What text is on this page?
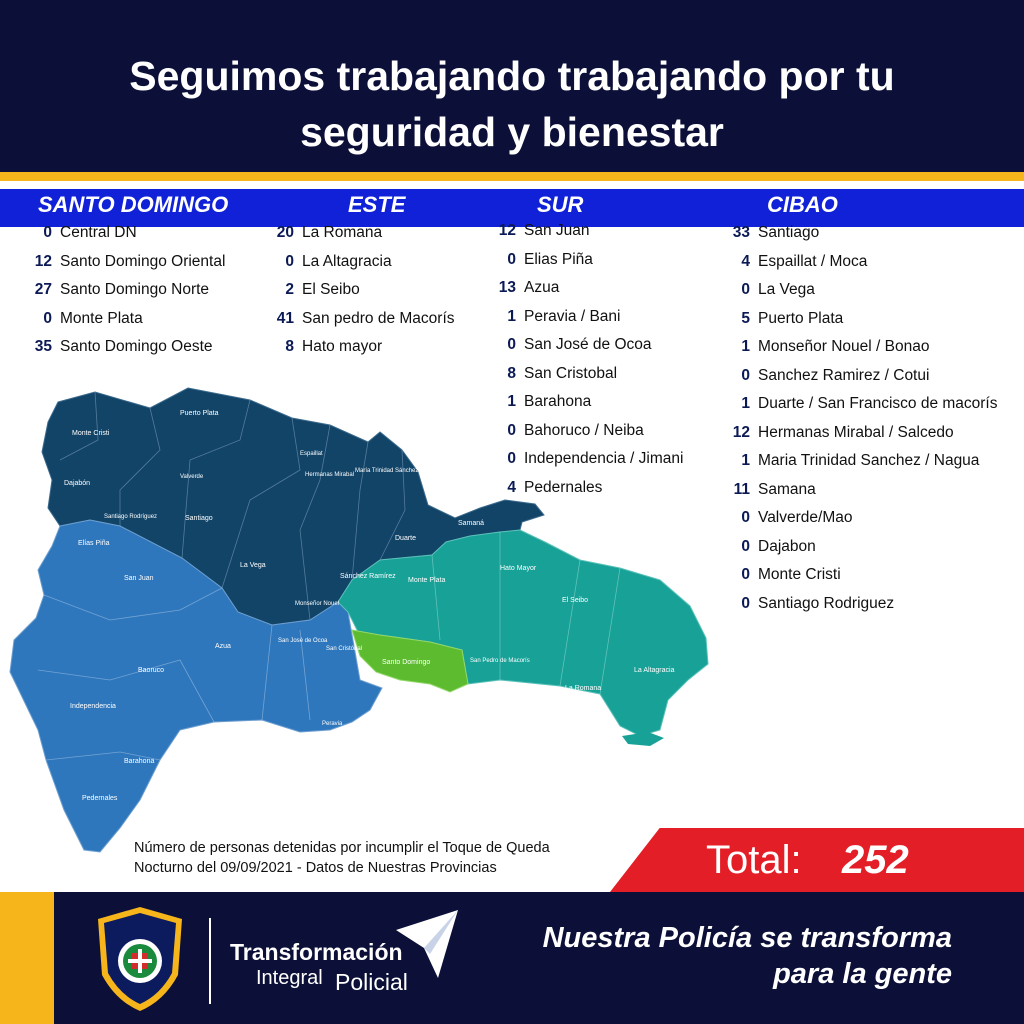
Seguimos trabajando trabajando por tu
seguridad y bienestar
SANTO DOMINGO	ESTE	SUR	CIBAO
0 Central DN
12 Santo Domingo Oriental
27 Santo Domingo Norte
0 Monte Plata
35 Santo Domingo Oeste
20 La Romana
0 La Altagracia
2 El Seibo
41 San pedro de Macorís
8 Hato mayor
12 San Juan
0 Elias Piña
13 Azua
1 Peravia / Bani
0 San José de Ocoa
8 San Cristobal
1 Barahona
0 Bahoruco / Neiba
0 Independencia / Jimani
4 Pedernales
33 Santiago
4 Espaillat / Moca
0 La Vega
5 Puerto Plata
1 Monseñor Nouel / Bonao
0 Sanchez Ramirez / Cotui
1 Duarte / San Francisco de macorís
12 Hermanas Mirabal / Salcedo
1 Maria Trinidad Sanchez / Nagua
11 Samana
0 Valverde/Mao
0 Dajabon
0 Monte Cristi
0 Santiago Rodriguez
Monte Cristi
Puerto Plata
Dajabón
Valverde
Santiago
Espaillat
Hermanas Mirabal
María Trinidad Sánchez
Santiago Rodríguez
Samaná
Duarte
La Vega
Sánchez Ramírez
Monseñor Nouel
Elías Piña
San Juan
Azua
Baoruco
Independencia
Barahona
Pedernales
San José de Ocoa
San Cristóbal
Peravia
Santo Domingo
Monte Plata
Hato Mayor
El Seibo
San Pedro de Macorís
La Romana
La Altagracia
Número de personas detenidas por incumplir el Toque de Queda
Nocturno del 09/09/2021 - Datos de Nuestras Provincias	Total: 252
Transformación
Integral Policial
Nuestra Policía se transforma
para la gente
